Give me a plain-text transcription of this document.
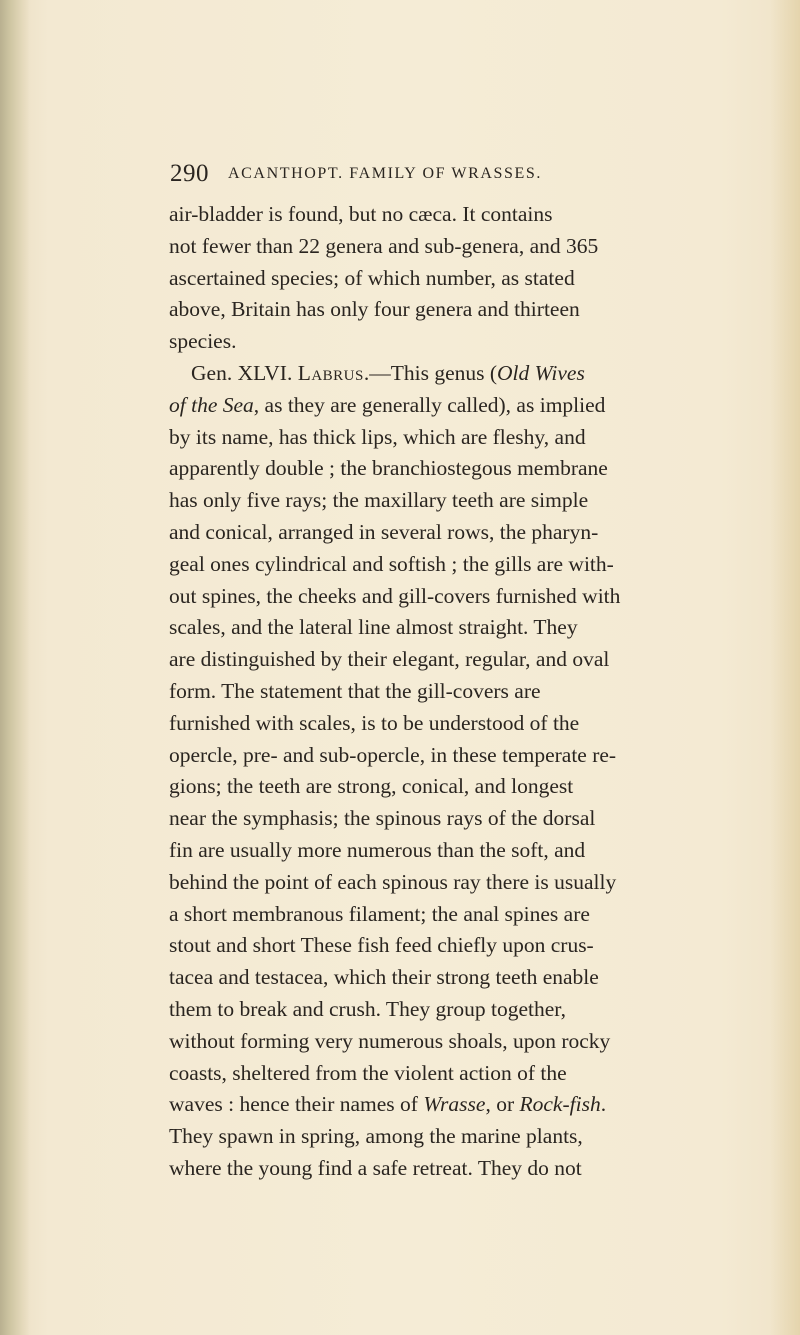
290 ACANTHOPT. FAMILY OF WRASSES.
air-bladder is found, but no cæca. It contains
not fewer than 22 genera and sub-genera, and 365
ascertained species; of which number, as stated
above, Britain has only four genera and thirteen
species.
Gen. XLVI. Labrus.—This genus (Old Wives
of the Sea, as they are generally called), as implied
by its name, has thick lips, which are fleshy, and
apparently double ; the branchiostegous membrane
has only five rays; the maxillary teeth are simple
and conical, arranged in several rows, the pharyn-
geal ones cylindrical and softish ; the gills are with-
out spines, the cheeks and gill-covers furnished with
scales, and the lateral line almost straight. They
are distinguished by their elegant, regular, and oval
form. The statement that the gill-covers are
furnished with scales, is to be understood of the
opercle, pre- and sub-opercle, in these temperate re-
gions; the teeth are strong, conical, and longest
near the symphasis; the spinous rays of the dorsal
fin are usually more numerous than the soft, and
behind the point of each spinous ray there is usually
a short membranous filament; the anal spines are
stout and short These fish feed chiefly upon crus-
tacea and testacea, which their strong teeth enable
them to break and crush. They group together,
without forming very numerous shoals, upon rocky
coasts, sheltered from the violent action of the
waves : hence their names of Wrasse, or Rock-fish.
They spawn in spring, among the marine plants,
where the young find a safe retreat. They do not
